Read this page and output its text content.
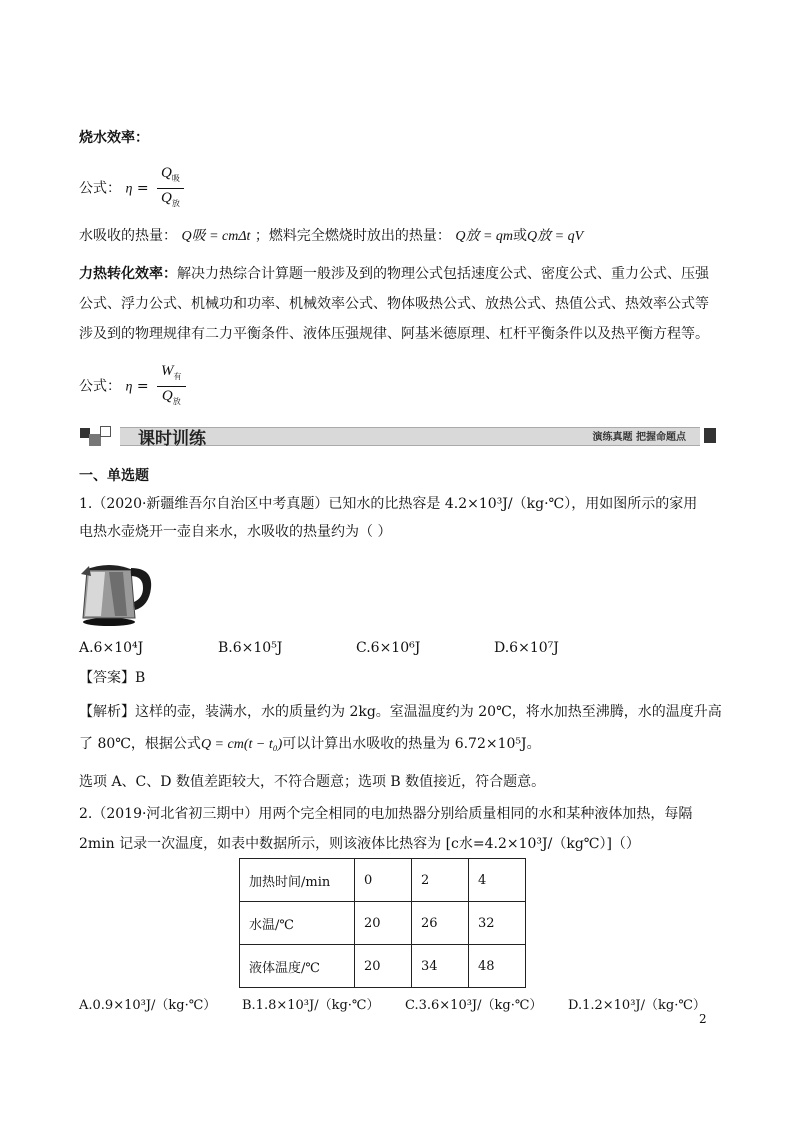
烧水效率：
公式： $\eta = \frac{Q_吸}{Q_放}$
水吸收的热量： Q吸 = cmΔt ；燃料完全燃烧时放出的热量： Q放 = qm或Q放 = qV
力热转化效率：解决力热综合计算题一般涉及到的物理公式包括速度公式、密度公式、重力公式、压强
公式、浮力公式、机械功和功率、机械效率公式、物体吸热公式、放热公式、热值公式、热效率公式等
涉及到的物理规律有二力平衡条件、液体压强规律、阿基米德原理、杠杆平衡条件以及热平衡方程等。
公式： $\eta = \frac{W_有}{Q_放}$
课时训练	演练真题 把握命题点
一、单选题
1.（2020·新疆维吾尔自治区中考真题）已知水的比热容是 4.2×10³J/（kg·℃），用如图所示的家用
电热水壶烧开一壶自来水，水吸收的热量约为（ ）
A.6×10⁴J	B.6×10⁵J	C.6×10⁶J	D.6×10⁷J
【答案】B
【解析】这样的壶，装满水，水的质量约为 2kg。室温温度约为 20℃，将水加热至沸腾，水的温度升高
了 80℃，根据公式Q = cm(t − t₀)可以计算出水吸收的热量为 6.72×10⁵J。
选项 A、C、D 数值差距较大，不符合题意；选项 B 数值接近，符合题意。
2.（2019·河北省初三期中）用两个完全相同的电加热器分别给质量相同的水和某种液体加热，每隔
2min 记录一次温度，如表中数据所示，则该液体比热容为 [c水=4.2×10³J/（kg℃）]（）
加热时间/min	0	2	4
水温/℃	20	26	32
液体温度/℃	20	34	48
A.0.9×10³J/（kg·℃） B.1.8×10³J/（kg·℃） C.3.6×10³J/（kg·℃） D.1.2×10³J/（kg·℃）
2
